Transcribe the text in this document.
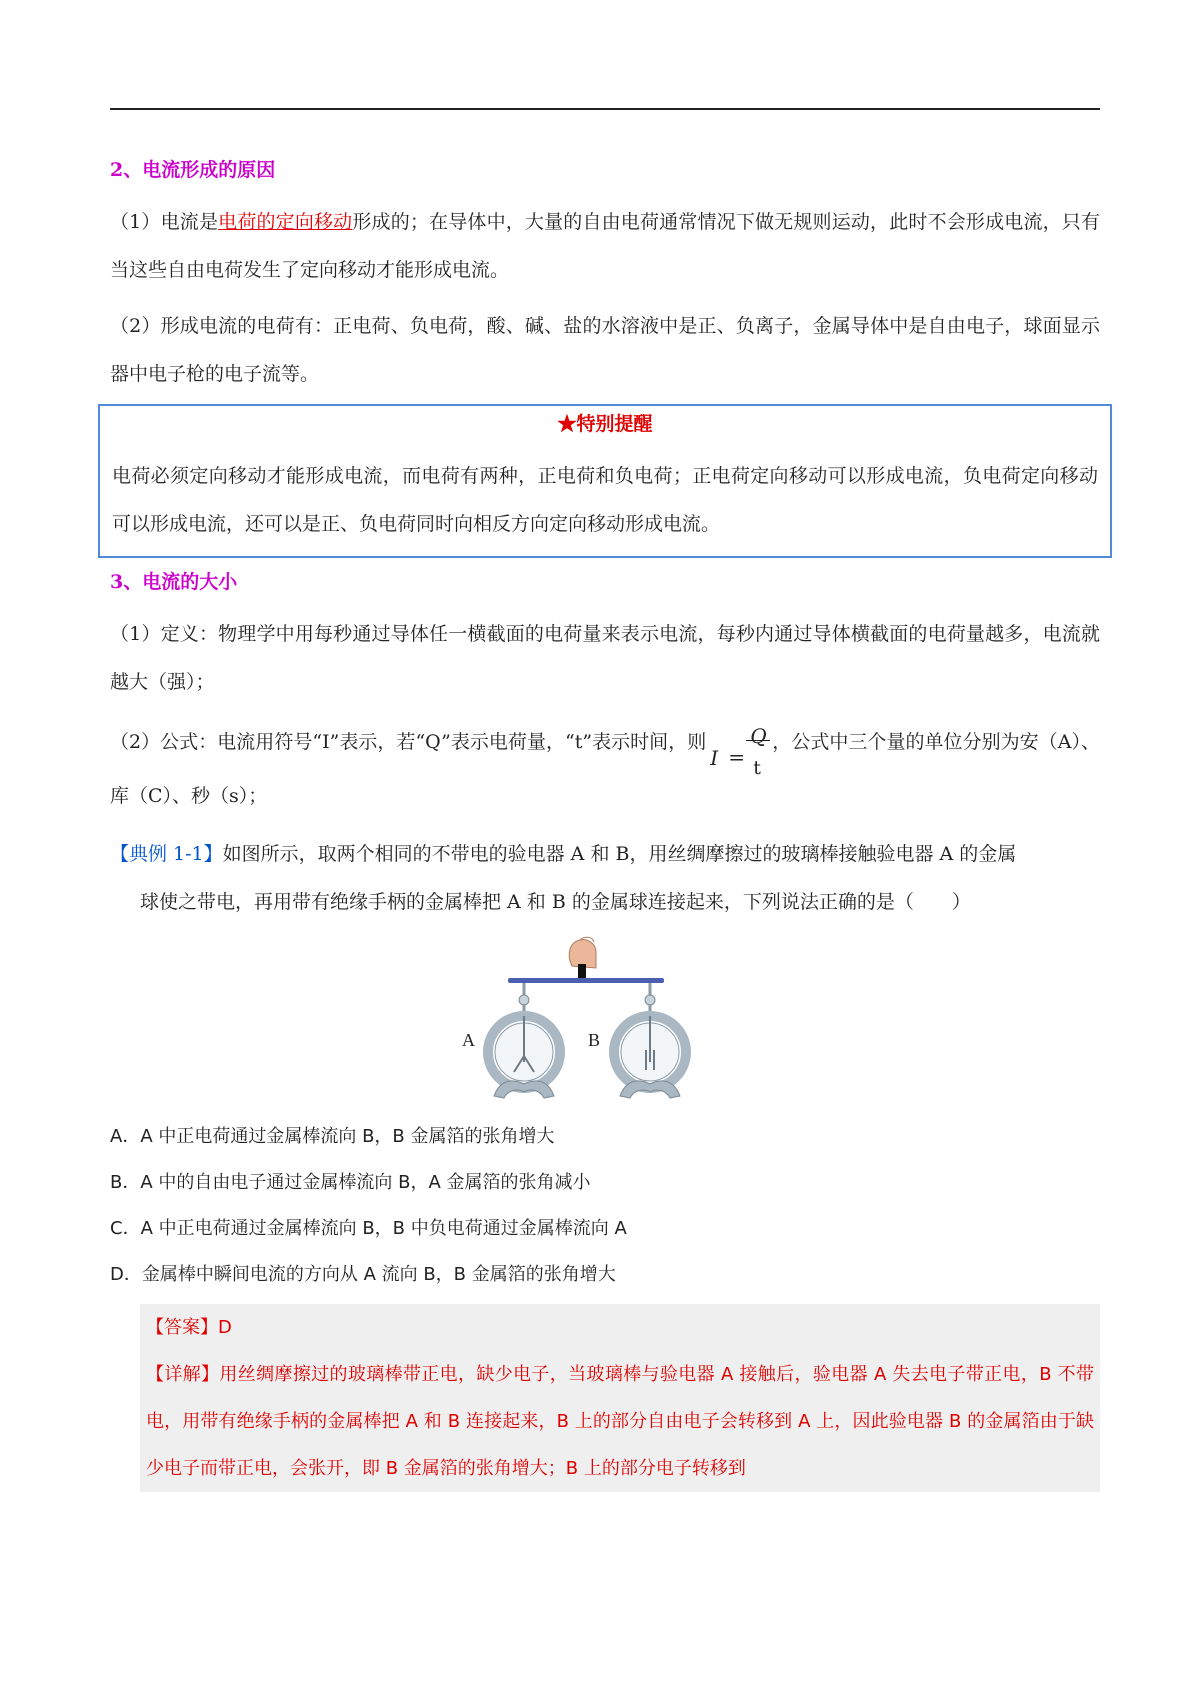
2、电流形成的原因

（1）电流是电荷的定向移动形成的；在导体中，大量的自由电荷通常情况下做无规则运动，此时不会形成电流，只有当这些自由电荷发生了定向移动才能形成电流。

（2）形成电流的电荷有：正电荷、负电荷，酸、碱、盐的水溶液中是正、负离子，金属导体中是自由电子，球面显示器中电子枪的电子流等。

★特别提醒

电荷必须定向移动才能形成电流，而电荷有两种，正电荷和负电荷；正电荷定向移动可以形成电流，负电荷定向移动可以形成电流，还可以是正、负电荷同时向相反方向定向移动形成电流。

3、电流的大小

（1）定义：物理学中用每秒通过导体任一横截面的电荷量来表示电流，每秒内通过导体横截面的电荷量越多，电流就越大（强）；

（2）公式：电流用符号“I”表示，若“Q”表示电荷量，“t”表示时间，则
I =
Q
t
，公式中三个量的单位分别为安（A）、库（C）、秒（s）；

【典例 1-1】如图所示，取两个相同的不带电的验电器 A 和 B，用丝绸摩擦过的玻璃棒接触验电器 A 的金属
球使之带电，再用带有绝缘手柄的金属棒把 A 和 B 的金属球连接起来，下列说法正确的是（　　）

A	B

A．A 中正电荷通过金属棒流向 B，B 金属箔的张角增大

B．A 中的自由电子通过金属棒流向 B，A 金属箔的张角减小

C．A 中正电荷通过金属棒流向 B，B 中负电荷通过金属棒流向 A

D．金属棒中瞬间电流的方向从 A 流向 B，B 金属箔的张角增大

【答案】D

【详解】用丝绸摩擦过的玻璃棒带正电，缺少电子，当玻璃棒与验电器 A 接触后，验电器 A 失去电子带正电，B 不带电，用带有绝缘手柄的金属棒把 A 和 B 连接起来，B 上的部分自由电子会转移到 A 上，因此验电器 B 的金属箔由于缺少电子而带正电，会张开，即 B 金属箔的张角增大；B 上的部分电子转移到
